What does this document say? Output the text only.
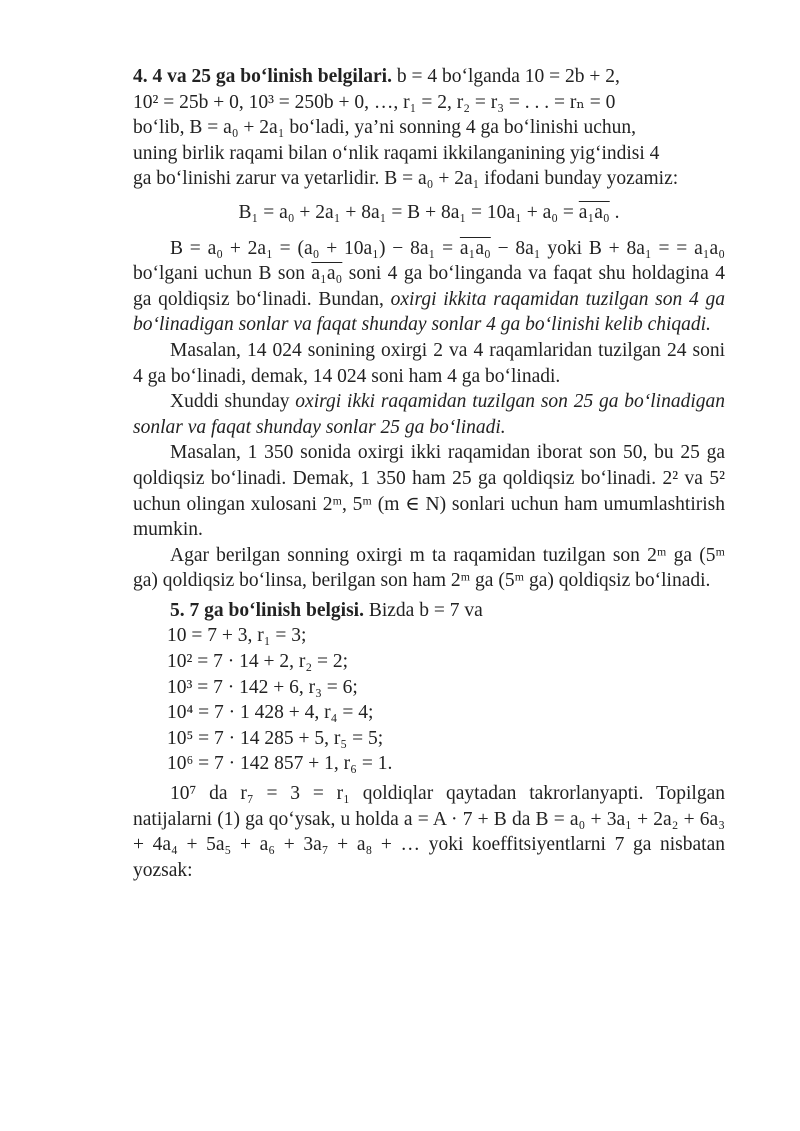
4. 4 va 25 ga bo‘linish belgilari. b = 4 bo‘lganda 10 = 2b + 2,

10² = 25b + 0, 10³ = 250b + 0, …, r₁ = 2, r₂ = r₃ = . . . = rₙ = 0

bo‘lib, B = a₀ + 2a₁ bo‘ladi, ya’ni sonning 4 ga bo‘linishi uchun,

uning birlik raqami bilan o‘nlik raqami ikkilanganining yig‘indisi 4

ga bo‘linishi zarur va yetarlidir. B = a₀ + 2a₁ ifodani bunday yozamiz:

B₁ = a₀ + 2a₁ + 8a₁ = B + 8a₁ = 10a₁ + a₀ = a₁a₀ .

B = a₀ + 2a₁ = (a₀ + 10a₁) − 8a₁ = a₁a₀ − 8a₁ yoki B + 8a₁ = = a₁a₀ bo‘lgani uchun B son a₁a₀ soni 4 ga bo‘linganda va faqat shu holdagina 4 ga qoldiqsiz bo‘linadi. Bundan, oxirgi ikkita raqamidan tuzilgan son 4 ga bo‘linadigan sonlar va faqat shunday sonlar 4 ga bo‘linishi kelib chiqadi.

Masalan, 14 024 sonining oxirgi 2 va 4 raqamlaridan tuzilgan 24 soni 4 ga bo‘linadi, demak, 14 024 soni ham 4 ga bo‘linadi.

Xuddi shunday oxirgi ikki raqamidan tuzilgan son 25 ga bo‘linadigan sonlar va faqat shunday sonlar 25 ga bo‘linadi.

Masalan, 1 350 sonida oxirgi ikki raqamidan iborat son 50, bu 25 ga qoldiqsiz bo‘linadi. Demak, 1 350 ham 25 ga qoldiqsiz bo‘linadi. 2² va 5² uchun olingan xulosani 2ᵐ, 5ᵐ (m ∈ N) sonlari uchun ham umumlashtirish mumkin.

Agar berilgan sonning oxirgi m ta raqamidan tuzilgan son 2ᵐ ga (5ᵐ ga) qoldiqsiz bo‘linsa, berilgan son ham 2ᵐ ga (5ᵐ ga) qoldiqsiz bo‘linadi.

5. 7 ga bo‘linish belgisi. Bizda b = 7 va

10 = 7 + 3, r₁ = 3;

10² = 7 · 14 + 2, r₂ = 2;

10³ = 7 · 142 + 6, r₃ = 6;

10⁴ = 7 · 1 428 + 4, r₄ = 4;

10⁵ = 7 · 14 285 + 5, r₅ = 5;

10⁶ = 7 · 142 857 + 1, r₆ = 1.

10⁷ da r₇ = 3 = r₁ qoldiqlar qaytadan takrorlanyapti. Topilgan natijalarni (1) ga qo‘ysak, u holda a = A · 7 + B da B = a₀ + 3a₁ + 2a₂ + 6a₃ + 4a₄ + 5a₅ + a₆ + 3a₇ + a₈ + … yoki koeffitsiyentlarni 7 ga nisbatan yozsak:
